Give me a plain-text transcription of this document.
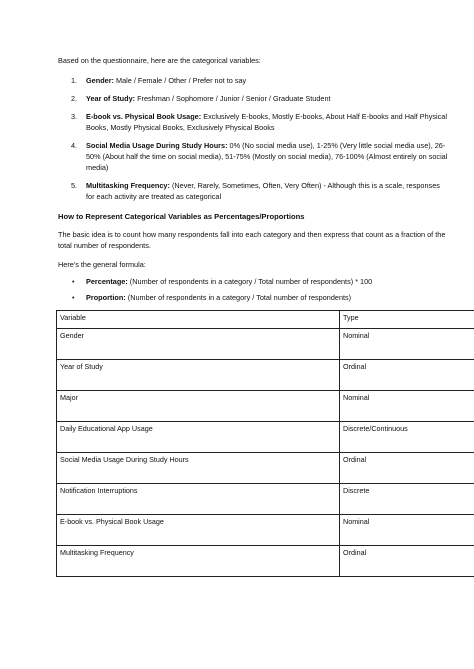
Based on the questionnaire, here are the categorical variables:
1. Gender: Male / Female / Other / Prefer not to say
2. Year of Study: Freshman / Sophomore / Junior / Senior / Graduate Student
3. E-book vs. Physical Book Usage: Exclusively E-books, Mostly E-books, About Half E-books and Half Physical Books, Mostly Physical Books, Exclusively Physical Books
4. Social Media Usage During Study Hours: 0% (No social media use), 1-25% (Very little social media use), 26-50% (About half the time on social media), 51-75% (Mostly on social media), 76-100% (Almost entirely on social media)
5. Multitasking Frequency: (Never, Rarely, Sometimes, Often, Very Often) - Although this is a scale, responses for each activity are treated as categorical
How to Represent Categorical Variables as Percentages/Proportions
The basic idea is to count how many respondents fall into each category and then express that count as a fraction of the total number of respondents.
Here's the general formula:
• Percentage: (Number of respondents in a category / Total number of respondents) * 100
• Proportion: (Number of respondents in a category / Total number of respondents)
Variable	Type
Gender	Nominal
Year of Study	Ordinal
Major	Nominal
Daily Educational App Usage	Discrete/Continuous
Social Media Usage During Study Hours	Ordinal
Notification Interruptions	Discrete
E-book vs. Physical Book Usage	Nominal
Multitasking Frequency	Ordinal
